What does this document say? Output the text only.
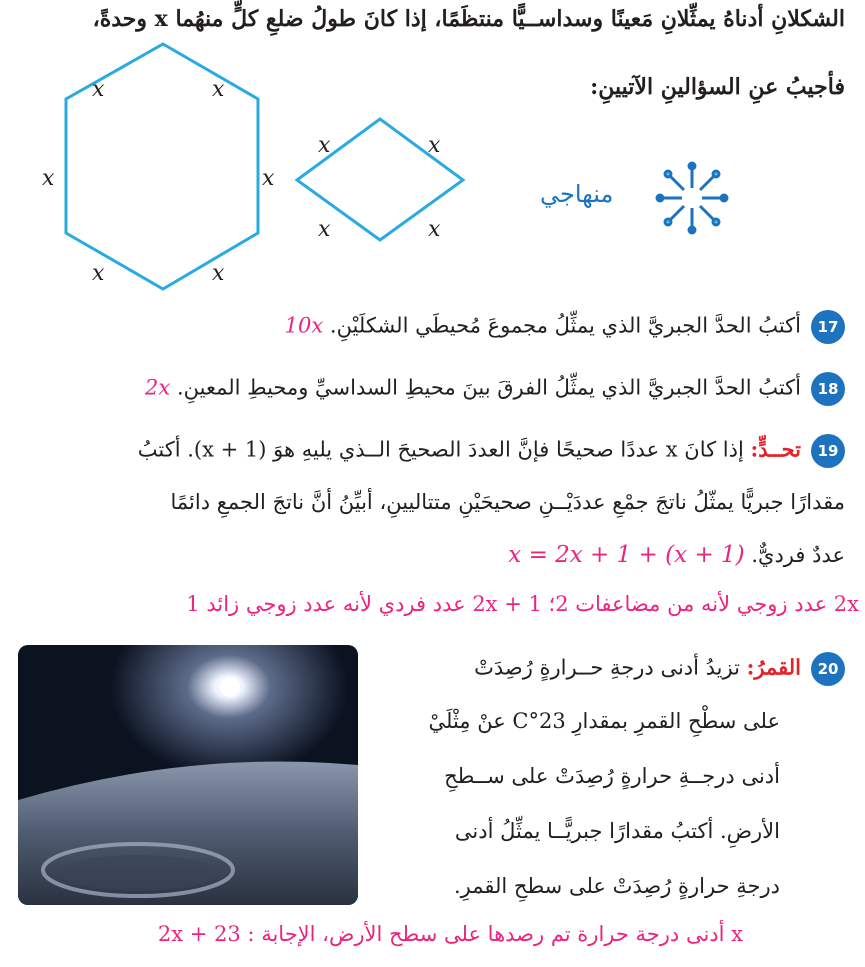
الشكلانِ أدناهُ يمثِّلانِ مَعينًا وسداســيًّا منتظَمًا، إذا كانَ طولُ ضلعِ كلٍّ منهُما x وحدةً،
فأجيبُ عنِ السؤالينِ الآتيينِ:
x	x
x	x
x	x
x	x
x	x
منهاجي
17أكتبُ الحدَّ الجبريَّ الذي يمثِّلُ مجموعَ مُحيطَي الشكلَيْنِ. 10x
18أكتبُ الحدَّ الجبريَّ الذي يمثِّلُ الفرقَ بينَ محيطِ السداسيِّ ومحيطِ المعينِ. 2x
19تحــدٍّ: إذا كانَ x عددًا صحيحًا فإنَّ العددَ الصحيحَ الــذي يليهِ هوَ (x + 1). أكتبُ
مقدارًا جبريًّا يمثّلُ ناتجَ جمْعِ عددَيْــنِ صحيحَيْنِ متتاليينِ، أبيِّنُ أنَّ ناتجَ الجمعِ دائمًا
عددٌ فرديٌّ. (x + 1) + x = 2x + 1
2x عدد زوجي لأنه من مضاعفات 2؛ 2x + 1 عدد فردي لأنه عدد زوجي زائد 1
20القمرُ: تزيدُ أدنى درجةِ حــرارةٍ رُصِدَتْ
على سطْحِ القمرِ بمقدارِ 23°C عنْ مِثْلَيْ
أدنى درجــةِ حرارةٍ رُصِدَتْ على ســطحِ
الأرضِ. أكتبُ مقدارًا جبريًّــا يمثِّلُ أدنى
درجةِ حرارةٍ رُصِدَتْ على سطحِ القمرِ.
x أدنى درجة حرارة تم رصدها على سطح الأرض، الإجابة : 2x + 23
